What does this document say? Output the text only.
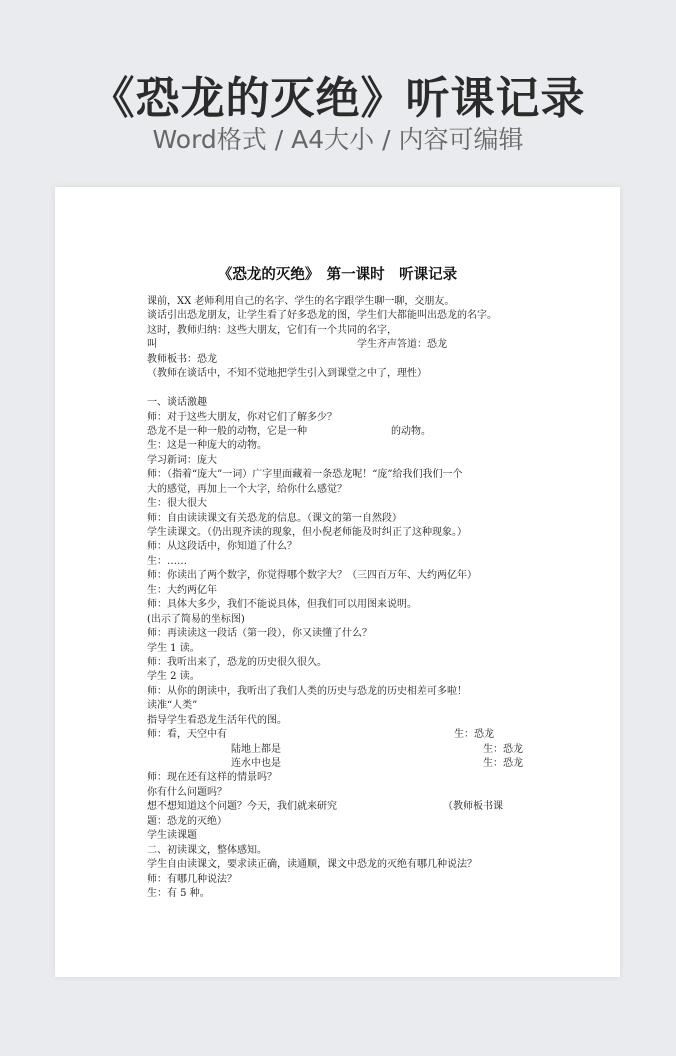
《恐龙的灭绝》听课记录
Word格式 / A4大小 / 内容可编辑
《恐龙的灭绝》　第一课时　听课记录
课前，XX 老师利用自己的名字、学生的名字跟学生聊一聊，交朋友。
谈话引出恐龙朋友，让学生看了好多恐龙的图，学生们大都能叫出恐龙的名字。
这时，教师归纳：这些大朋友，它们有一个共同的名字，
叫	学生齐声答道：恐龙
教师板书：恐龙
（教师在谈话中，不知不觉地把学生引入到课堂之中了，理性）
一、谈话激趣
师：对于这些大朋友，你对它们了解多少？
恐龙不是一种一般的动物，它是一种	的动物。
生：这是一种庞大的动物。
学习新词：庞大
师：（指着“庞大”一词）广字里面藏着一条恐龙呢！“庞”给我们我们一个
大的感觉，再加上一个大字，给你什么感觉？
生：很大很大
师：自由读读课文有关恐龙的信息。（课文的第一自然段）
学生读课文。（仍出现齐读的现象，但小倪老师能及时纠正了这种现象。）
师：从这段话中，你知道了什么？
生：……
师：你读出了两个数字，你觉得哪个数字大？（三四百万年、大约两亿年）
生：大约两亿年
师：具体大多少，我们不能说具体，但我们可以用图来说明。
(出示了简易的坐标图)
师：再读读这一段话（第一段），你又读懂了什么？
学生 1 读。
师：我听出来了，恐龙的历史很久很久。
学生 2 读。
师：从你的朗读中，我听出了我们人类的历史与恐龙的历史相差可多啦！
读准“人类”
指导学生看恐龙生活年代的图。
师：看，天空中有	生：恐龙
陆地上都是	生：恐龙
连水中也是	生：恐龙
师：现在还有这样的情景吗？
你有什么问题吗？
想不想知道这个问题？今天，我们就来研究	（教师板书课
题：恐龙的灭绝）
学生读课题
二、初读课文，整体感知。
学生自由读课文，要求读正确，读通顺，课文中恐龙的灭绝有哪几种说法？
师：有哪几种说法？
生：有 5 种。
